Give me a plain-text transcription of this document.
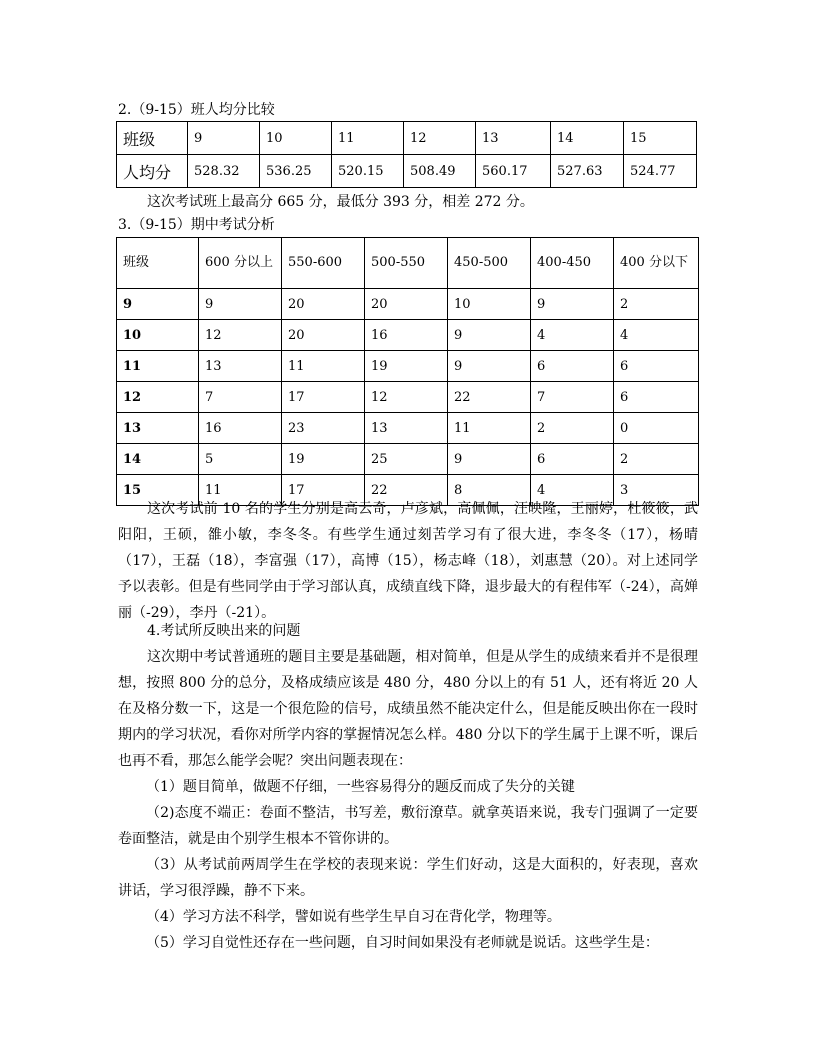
2.（9-15）班人均分比较
班级	9	10	11	12	13	14	15
人均分	528.32	536.25	520.15	508.49	560.17	527.63	524.77

这次考试班上最高分 665 分，最低分 393 分，相差 272 分。

3.（9-15）期中考试分析
班级	600 分以上	550-600	500-550	450-500	400-450	400 分以下
9	9	20	20	10	9	2
10	12	20	16	9	4	4
11	13	11	19	9	6	6
12	7	17	12	22	7	6
13	16	23	13	11	2	0
14	5	19	25	9	6	2
15	11	17	22	8	4	3

这次考试前 10 名的学生分别是高云奇，卢彦斌，高佩佩，汪映隆，王丽婷，杜筱筱，武阳阳，王硕，雒小敏，李冬冬。有些学生通过刻苦学习有了很大进，李冬冬（17），杨晴（17），王磊（18），李富强（17），高博（15），杨志峰（18），刘惠慧（20）。对上述同学予以表彰。但是有些同学由于学习部认真，成绩直线下降，退步最大的有程伟军（-24），高婵丽（-29），李丹（-21）。

4.考试所反映出来的问题

这次期中考试普通班的题目主要是基础题，相对简单，但是从学生的成绩来看并不是很理想，按照 800 分的总分，及格成绩应该是 480 分，480 分以上的有 51 人，还有将近 20 人在及格分数一下，这是一个很危险的信号，成绩虽然不能决定什么，但是能反映出你在一段时期内的学习状况，看你对所学内容的掌握情况怎么样。480 分以下的学生属于上课不听，课后也再不看，那怎么能学会呢？突出问题表现在：

（1）题目简单，做题不仔细，一些容易得分的题反而成了失分的关键

（2)态度不端正：卷面不整洁，书写差，敷衍潦草。就拿英语来说，我专门强调了一定要卷面整洁，就是由个别学生根本不管你讲的。

（3）从考试前两周学生在学校的表现来说：学生们好动，这是大面积的，好表现，喜欢讲话，学习很浮躁，静不下来。

（4）学习方法不科学，譬如说有些学生早自习在背化学，物理等。

（5）学习自觉性还存在一些问题，自习时间如果没有老师就是说话。这些学生是：
